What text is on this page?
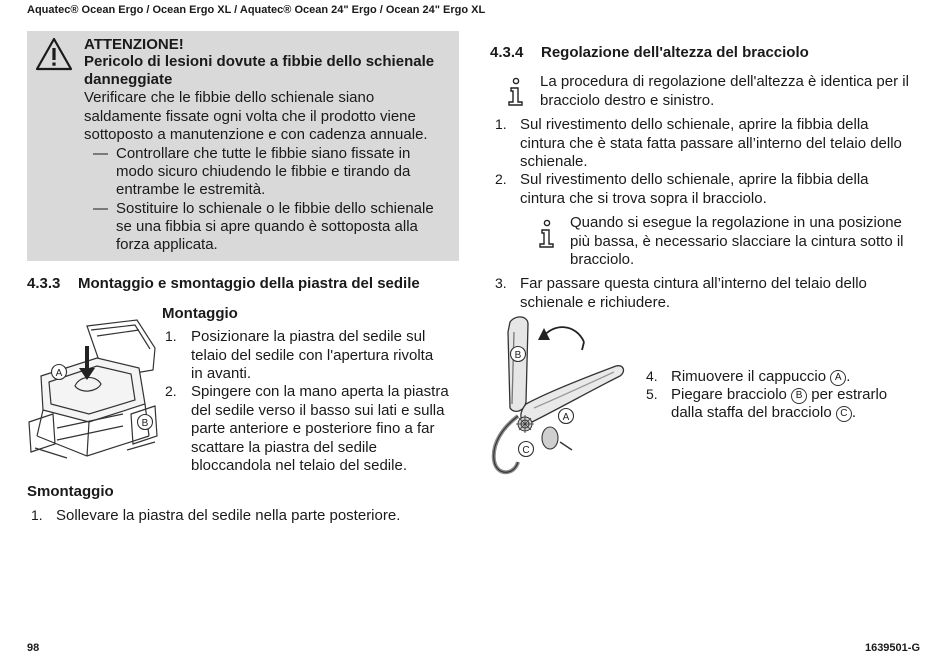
Aquatec® Ocean Ergo / Ocean Ergo XL / Aquatec® Ocean 24" Ergo / Ocean 24" Ergo XL
ATTENZIONE!
Pericolo di lesioni dovute a fibbie dello schienale
danneggiate
Verificare che le fibbie dello schienale siano
saldamente fissate ogni volta che il prodotto viene
sottoposto a manutenzione e con cadenza annuale.
— Controllare che tutte le fibbie siano fissate in
modo sicuro chiudendo le fibbie e tirando da
entrambe le estremità.
— Sostituire lo schienale o le fibbie dello schienale
se una fibbia si apre quando è sottoposta alla
forza applicata.
4.3.3 Montaggio e smontaggio della piastra del sedile
Montaggio
A
B
1. Posizionare la piastra del sedile sul
telaio del sedile con l'apertura rivolta
in avanti.
2. Spingere con la mano aperta la piastra
del sedile verso il basso sui lati e sulla
parte anteriore e posteriore fino a far
scattare la piastra del sedile
bloccandola nel telaio del sedile.
Smontaggio
1. Sollevare la piastra del sedile nella parte posteriore.
4.3.4 Regolazione dell'altezza del bracciolo
La procedura di regolazione dell'altezza è identica per il
bracciolo destro e sinistro.
1. Sul rivestimento dello schienale, aprire la fibbia della
cintura che è stata fatta passare all’interno del telaio dello
schienale.
2. Sul rivestimento dello schienale, aprire la fibbia della
cintura che si trova sopra il bracciolo.
Quando si esegue la regolazione in una posizione
più bassa, è necessario slacciare la cintura sotto il
bracciolo.
3. Far passare questa cintura all’interno del telaio dello
schienale e richiudere.
B
A
C
4. Rimuovere il cappuccio A .
5. Piegare bracciolo B per estrarlo
dalla staffa del bracciolo C .
98	1639501-G
